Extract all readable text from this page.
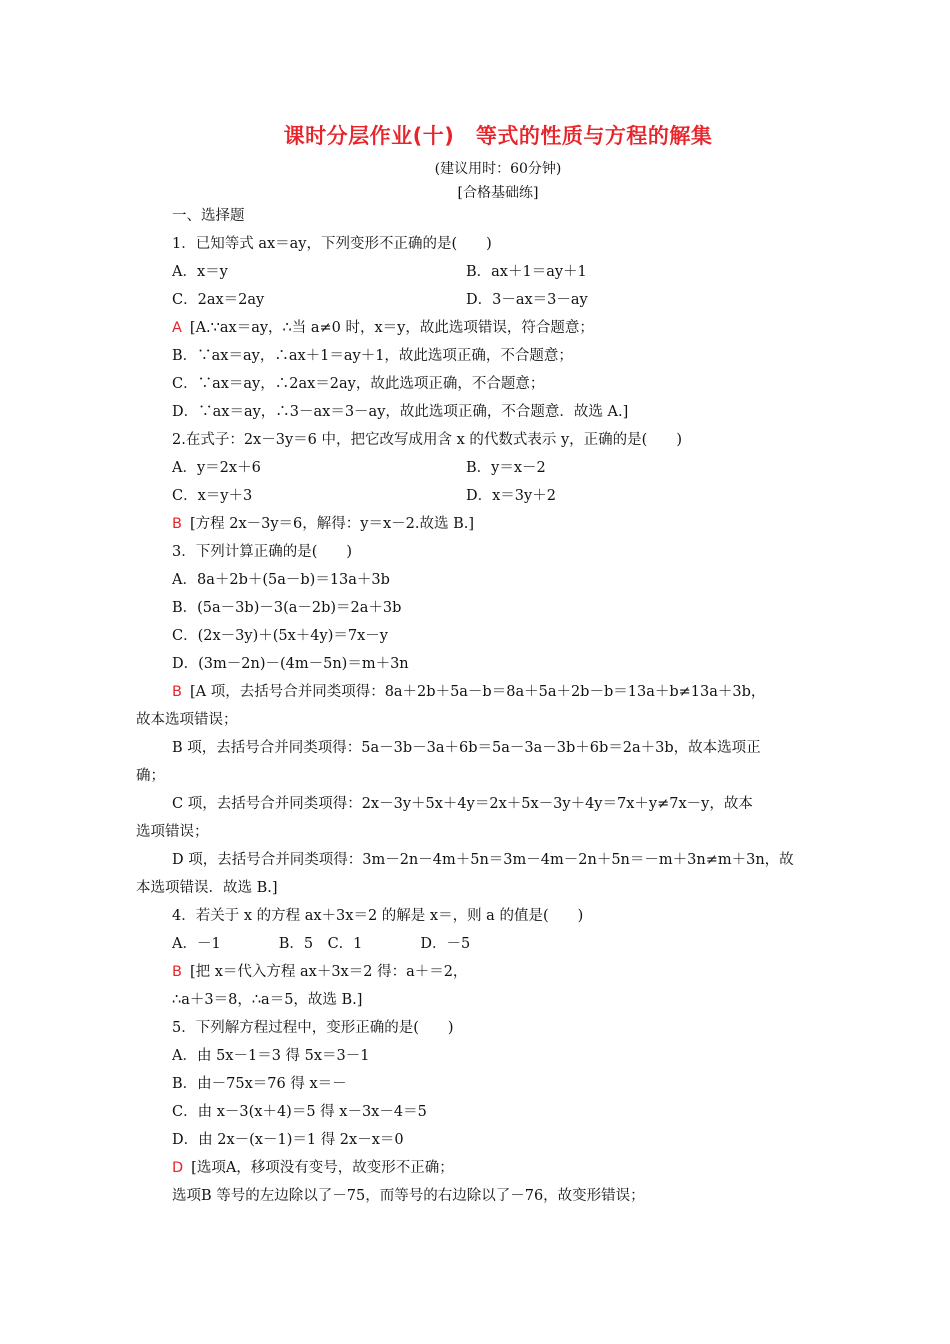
课时分层作业(十)　等式的性质与方程的解集
(建议用时：60分钟)
[合格基础练]
一、选择题
1．已知等式 ax＝ay，下列变形不正确的是(　　)
A．x＝y	B．ax＋1＝ay＋1
C．2ax＝2ay	D．3－ax＝3－ay
A [A.∵ax＝ay，∴当 a≠0 时，x＝y，故此选项错误，符合题意；
B．∵ax＝ay，∴ax＋1＝ay＋1，故此选项正确，不合题意；
C．∵ax＝ay，∴2ax＝2ay，故此选项正确，不合题意；
D．∵ax＝ay，∴3－ax＝3－ay，故此选项正确，不合题意．故选 A.]
2.在式子：2x－3y＝6 中，把它改写成用含 x 的代数式表示 y，正确的是(　　)
A．y＝2x＋6	B．y＝x－2
C．x＝y＋3	D．x＝3y＋2
B [方程 2x－3y＝6，解得：y＝x－2.故选 B.]
3．下列计算正确的是(　　)
A．8a＋2b＋(5a－b)＝13a＋3b
B．(5a－3b)－3(a－2b)＝2a＋3b
C．(2x－3y)＋(5x＋4y)＝7x－y
D．(3m－2n)－(4m－5n)＝m＋3n
B [A 项，去括号合并同类项得：8a＋2b＋5a－b＝8a＋5a＋2b－b＝13a＋b≠13a＋3b，
故本选项错误；
B 项，去括号合并同类项得：5a－3b－3a＋6b＝5a－3a－3b＋6b＝2a＋3b，故本选项正
确；
C 项，去括号合并同类项得：2x－3y＋5x＋4y＝2x＋5x－3y＋4y＝7x＋y≠7x－y，故本
选项错误；
D 项，去括号合并同类项得：3m－2n－4m＋5n＝3m－4m－2n＋5n＝－m＋3n≠m＋3n，故
本选项错误．故选 B.]
4．若关于 x 的方程 ax＋3x＝2 的解是 x＝，则 a 的值是(　　)
A．－1　　　　B．5　C．1　　　　D．－5
B [把 x＝代入方程 ax＋3x＝2 得：a＋＝2，
∴a＋3＝8，∴a＝5，故选 B.]
5．下列解方程过程中，变形正确的是(　　)
A．由 5x－1＝3 得 5x＝3－1
B．由－75x＝76 得 x＝－
C．由 x－3(x＋4)＝5 得 x－3x－4＝5
D．由 2x－(x－1)＝1 得 2x－x＝0
D [选项A，移项没有变号，故变形不正确；
选项B 等号的左边除以了－75，而等号的右边除以了－76，故变形错误；
